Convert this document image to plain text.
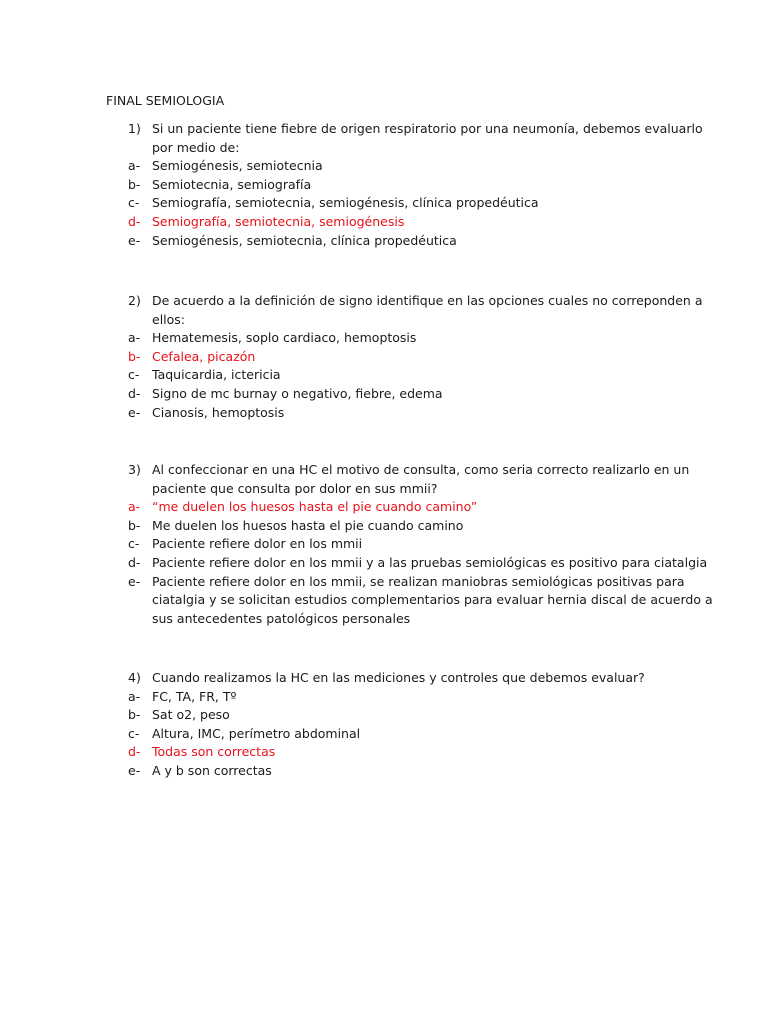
FINAL SEMIOLOGIA
1) Si un paciente tiene fiebre de origen respiratorio por una neumonía, debemos evaluarlo
por medio de:
a- Semiogénesis, semiotecnia
b- Semiotecnia, semiografía
c- Semiografía, semiotecnia, semiogénesis, clínica propedéutica
d- Semiografía, semiotecnia, semiogénesis
e- Semiogénesis, semiotecnia, clínica propedéutica
2) De acuerdo a la definición de signo identifique en las opciones cuales no correponden a
ellos:
a- Hematemesis, soplo cardiaco, hemoptosis
b- Cefalea, picazón
c- Taquicardia, ictericia
d- Signo de mc burnay o negativo, fiebre, edema
e- Cianosis, hemoptosis
3) Al confeccionar en una HC el motivo de consulta, como seria correcto realizarlo en un
paciente que consulta por dolor en sus mmii?
a- “me duelen los huesos hasta el pie cuando camino”
b- Me duelen los huesos hasta el pie cuando camino
c- Paciente refiere dolor en los mmii
d- Paciente refiere dolor en los mmii y a las pruebas semiológicas es positivo para ciatalgia
e- Paciente refiere dolor en los mmii, se realizan maniobras semiológicas positivas para
ciatalgia y se solicitan estudios complementarios para evaluar hernia discal de acuerdo a
sus antecedentes patológicos personales
4) Cuando realizamos la HC en las mediciones y controles que debemos evaluar?
a- FC, TA, FR, Tº
b- Sat o2, peso
c- Altura, IMC, perímetro abdominal
d- Todas son correctas
e- A y b son correctas
